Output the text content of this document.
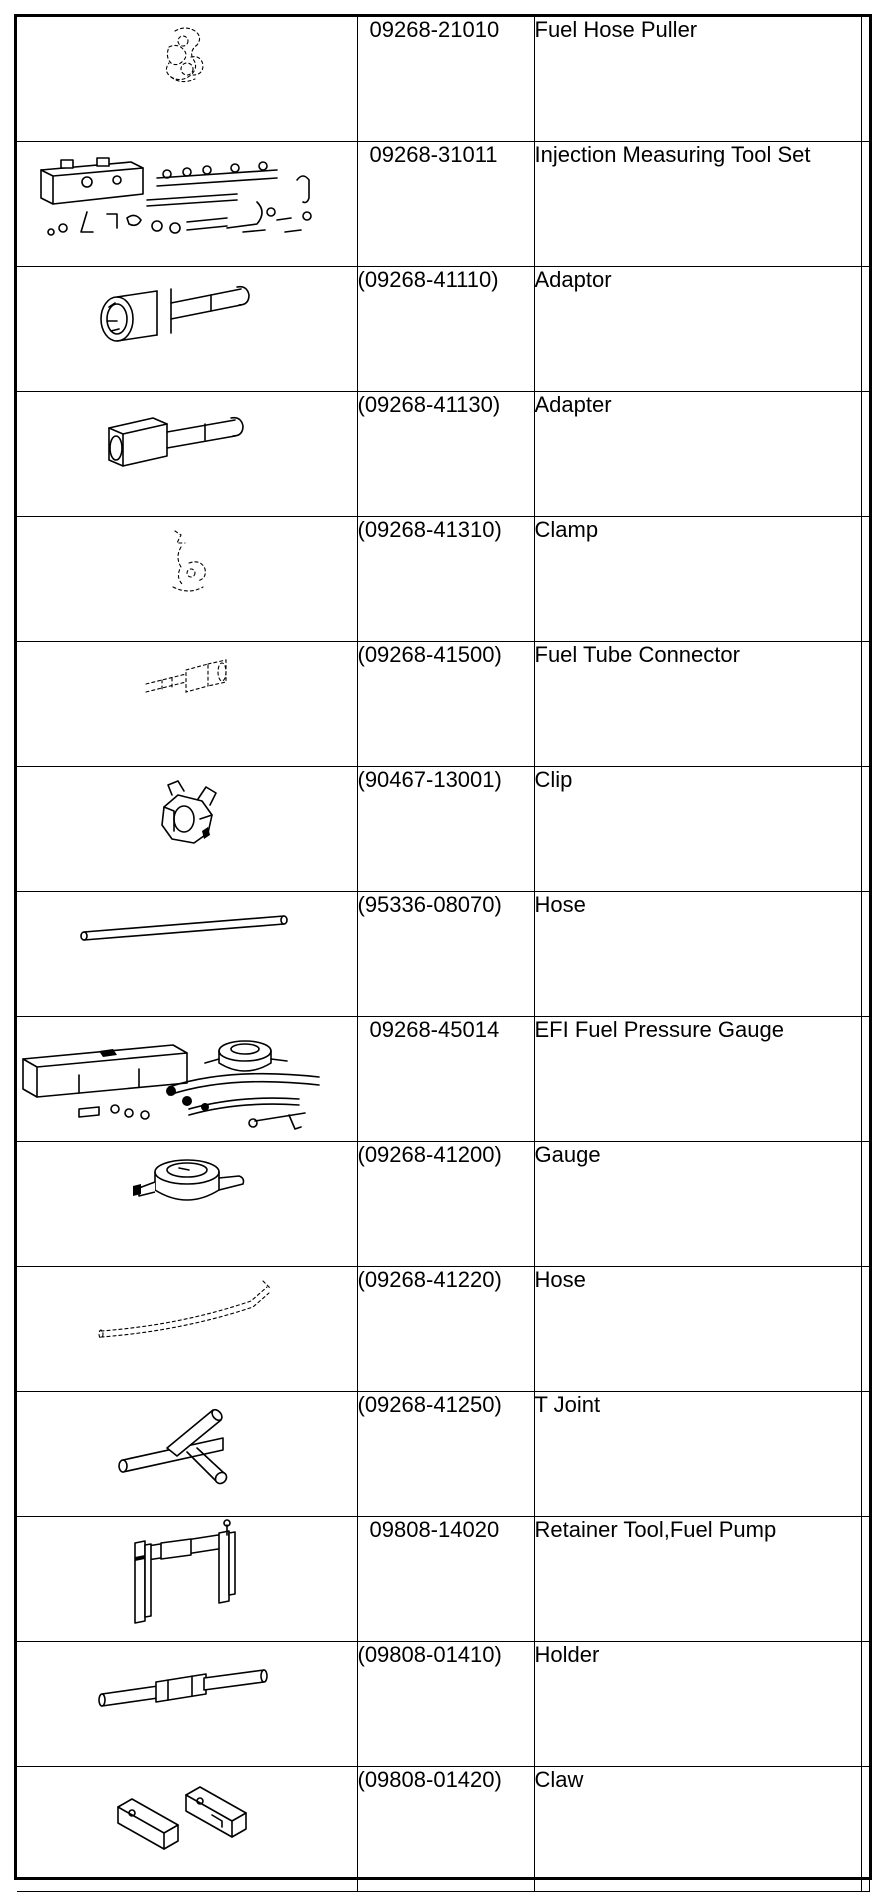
	09268-21010	Fuel Hose Puller	

	09268-31011	Injection Measuring Tool Set	

	(09268-41110)	Adaptor	

	(09268-41130)	Adapter	

	(09268-41310)	Clamp	

	(09268-41500)	Fuel Tube Connector	

	(90467-13001)	Clip	

	(95336-08070)	Hose	

	09268-45014	EFI Fuel Pressure Gauge	

	(09268-41200)	Gauge	

	(09268-41220)	Hose	

	(09268-41250)	T Joint	

	09808-14020	Retainer Tool,Fuel Pump	

	(09808-01410)	Holder	

	(09808-01420)	Claw	
